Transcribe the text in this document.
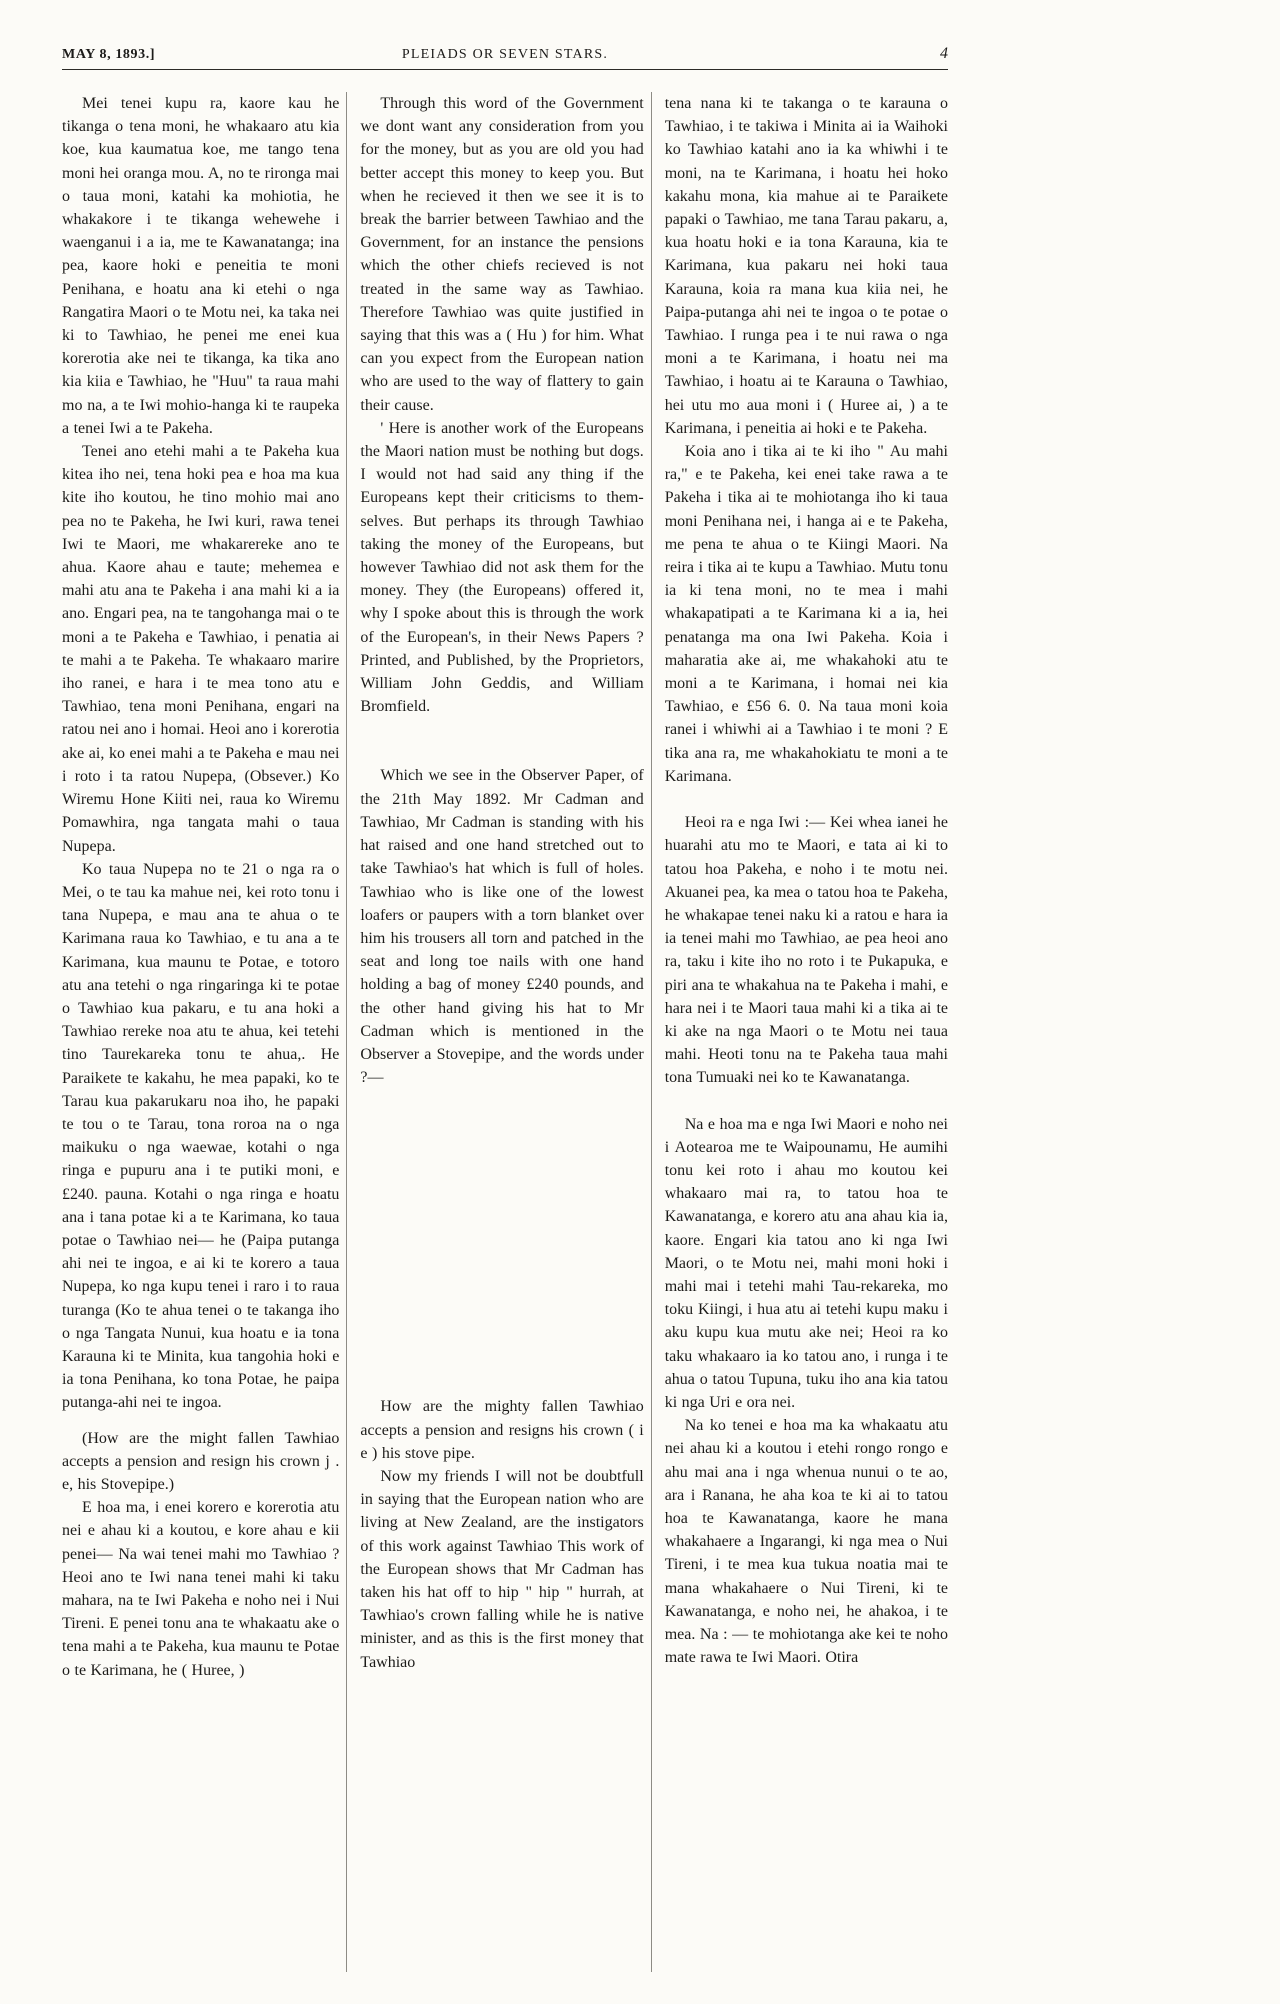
MAY 8, 1893.]	PLEIADS OR SEVEN STARS.	4

Mei tenei kupu ra, kaore kau he tikanga o tena moni, he whakaaro atu kia koe, kua kaumatua koe, me tango tena moni hei oranga mou. A, no te rironga mai o taua moni, katahi ka mohiotia, he whakakore i te tikanga wehewehe i waenganui i a ia, me te Kawanatanga; ina pea, kaore hoki e peneitia te moni Penihana, e hoatu ana ki etehi o nga Rangatira Maori o te Motu nei, ka taka nei ki to Tawhiao, he penei me enei kua korerotia ake nei te tikanga, ka tika ano kia kiia e Tawhiao, he "Huu" ta raua mahi mo na, a te Iwi mohio-hanga ki te raupeka a tenei Iwi a te Pakeha.

Tenei ano etehi mahi a te Pakeha kua kitea iho nei, tena hoki pea e hoa ma kua kite iho koutou, he tino mohio mai ano pea no te Pakeha, he Iwi kuri, rawa tenei Iwi te Maori, me whakarereke ano te ahua. Kaore ahau e taute; mehemea e mahi atu ana te Pakeha i ana mahi ki a ia ano. Engari pea, na te tangohanga mai o te moni a te Pakeha e Tawhiao, i penatia ai te mahi a te Pakeha. Te whakaaro marire iho ranei, e hara i te mea tono atu e Tawhiao, tena moni Penihana, engari na ratou nei ano i homai. Heoi ano i korerotia ake ai, ko enei mahi a te Pakeha e mau nei i roto i ta ratou Nupepa, (Obsever.) Ko Wiremu Hone Kiiti nei, raua ko Wiremu Pomawhira, nga tangata mahi o taua Nupepa.

Ko taua Nupepa no te 21 o nga ra o Mei, o te tau ka mahue nei, kei roto tonu i tana Nupepa, e mau ana te ahua o te Karimana raua ko Tawhiao, e tu ana a te Karimana, kua maunu te Potae, e totoro atu ana tetehi o nga ringaringa ki te potae o Tawhiao kua pakaru, e tu ana hoki a Tawhiao rereke noa atu te ahua, kei tetehi tino Taurekareka tonu te ahua,. He Paraikete te kakahu, he mea papaki, ko te Tarau kua pakarukaru noa iho, he papaki te tou o te Tarau, tona roroa na o nga maikuku o nga waewae, kotahi o nga ringa e pupuru ana i te putiki moni, e £240. pauna. Kotahi o nga ringa e hoatu ana i tana potae ki a te Karimana, ko taua potae o Tawhiao nei— he (Paipa putanga ahi nei te ingoa, e ai ki te korero a taua Nupepa, ko nga kupu tenei i raro i to raua turanga (Ko te ahua tenei o te takanga iho o nga Tangata Nunui, kua hoatu e ia tona Karauna ki te Minita, kua tangohia hoki e ia tona Penihana, ko tona Potae, he paipa putanga-ahi nei te ingoa.

(How are the might fallen Tawhiao accepts a pension and resign his crown j . e, his Stovepipe.)

E hoa ma, i enei korero e korerotia atu nei e ahau ki a koutou, e kore ahau e kii penei— Na wai tenei mahi mo Tawhiao ? Heoi ano te Iwi nana tenei mahi ki taku mahara, na te Iwi Pakeha e noho nei i Nui Tireni. E penei tonu ana te whakaatu ake o tena mahi a te Pakeha, kua maunu te Potae o te Karimana, he ( Huree, )

Through this word of the Government we dont want any consideration from you for the money, but as you are old you had better accept this money to keep you. But when he recieved it then we see it is to break the barrier between Tawhiao and the Government, for an instance the pensions which the other chiefs recieved is not treated in the same way as Tawhiao. Therefore Tawhiao was quite justified in saying that this was a ( Hu ) for him. What can you expect from the European nation who are used to the way of flattery to gain their cause.

' Here is another work of the Europeans the Maori nation must be nothing but dogs. I would not had said any thing if the Europeans kept their criticisms to them-selves. But perhaps its through Tawhiao taking the money of the Europeans, but however Tawhiao did not ask them for the money. They (the Europeans) offered it, why I spoke about this is through the work of the European's, in their News Papers ? Printed, and Published, by the Proprietors, William John Geddis, and William Bromfield.

Which we see in the Observer Paper, of the 21th May 1892. Mr Cadman and Tawhiao, Mr Cadman is standing with his hat raised and one hand stretched out to take Tawhiao's hat which is full of holes. Tawhiao who is like one of the lowest loafers or paupers with a torn blanket over him his trousers all torn and patched in the seat and long toe nails with one hand holding a bag of money £240 pounds, and the other hand giving his hat to Mr Cadman which is mentioned in the Observer a Stovepipe, and the words under ?—

How are the mighty fallen Tawhiao accepts a pension and resigns his crown ( i e ) his stove pipe.

Now my friends I will not be doubtfull in saying that the European nation who are living at New Zealand, are the instigators of this work against Tawhiao This work of the European shows that Mr Cadman has taken his hat off to hip " hip " hurrah, at Tawhiao's crown falling while he is native minister, and as this is the first money that Tawhiao

tena nana ki te takanga o te karauna o Tawhiao, i te takiwa i Minita ai ia Waihoki ko Tawhiao katahi ano ia ka whiwhi i te moni, na te Karimana, i hoatu hei hoko kakahu mona, kia mahue ai te Paraikete papaki o Tawhiao, me tana Tarau pakaru, a, kua hoatu hoki e ia tona Karauna, kia te Karimana, kua pakaru nei hoki taua Karauna, koia ra mana kua kiia nei, he Paipa-putanga ahi nei te ingoa o te potae o Tawhiao. I runga pea i te nui rawa o nga moni a te Karimana, i hoatu nei ma Tawhiao, i hoatu ai te Karauna o Tawhiao, hei utu mo aua moni i ( Huree ai, ) a te Karimana, i peneitia ai hoki e te Pakeha.

Koia ano i tika ai te ki iho " Au mahi ra," e te Pakeha, kei enei take rawa a te Pakeha i tika ai te mohiotanga iho ki taua moni Penihana nei, i hanga ai e te Pakeha, me pena te ahua o te Kiingi Maori. Na reira i tika ai te kupu a Tawhiao. Mutu tonu ia ki tena moni, no te mea i mahi whakapatipati a te Karimana ki a ia, hei penatanga ma ona Iwi Pakeha. Koia i maharatia ake ai, me whakahoki atu te moni a te Karimana, i homai nei kia Tawhiao, e £56 6. 0. Na taua moni koia ranei i whiwhi ai a Tawhiao i te moni ? E tika ana ra, me whakahokiatu te moni a te Karimana.

Heoi ra e nga Iwi :— Kei whea ianei he huarahi atu mo te Maori, e tata ai ki to tatou hoa Pakeha, e noho i te motu nei. Akuanei pea, ka mea o tatou hoa te Pakeha, he whakapae tenei naku ki a ratou e hara ia ia tenei mahi mo Tawhiao, ae pea heoi ano ra, taku i kite iho no roto i te Pukapuka, e piri ana te whakahua na te Pakeha i mahi, e hara nei i te Maori taua mahi ki a tika ai te ki ake na nga Maori o te Motu nei taua mahi. Heoti tonu na te Pakeha taua mahi tona Tumuaki nei ko te Kawanatanga.

Na e hoa ma e nga Iwi Maori e noho nei i Aotearoa me te Waipounamu, He aumihi tonu kei roto i ahau mo koutou kei whakaaro mai ra, to tatou hoa te Kawanatanga, e korero atu ana ahau kia ia, kaore. Engari kia tatou ano ki nga Iwi Maori, o te Motu nei, mahi moni hoki i mahi mai i tetehi mahi Tau-rekareka, mo toku Kiingi, i hua atu ai tetehi kupu maku i aku kupu kua mutu ake nei; Heoi ra ko taku whakaaro ia ko tatou ano, i runga i te ahua o tatou Tupuna, tuku iho ana kia tatou ki nga Uri e ora nei.

Na ko tenei e hoa ma ka whakaatu atu nei ahau ki a koutou i etehi rongo rongo e ahu mai ana i nga whenua nunui o te ao, ara i Ranana, he aha koa te ki ai to tatou hoa te Kawanatanga, kaore he mana whakahaere a Ingarangi, ki nga mea o Nui Tireni, i te mea kua tukua noatia mai te mana whakahaere o Nui Tireni, ki te Kawanatanga, e noho nei, he ahakoa, i te mea. Na : — te mohiotanga ake kei te noho mate rawa te Iwi Maori. Otira
